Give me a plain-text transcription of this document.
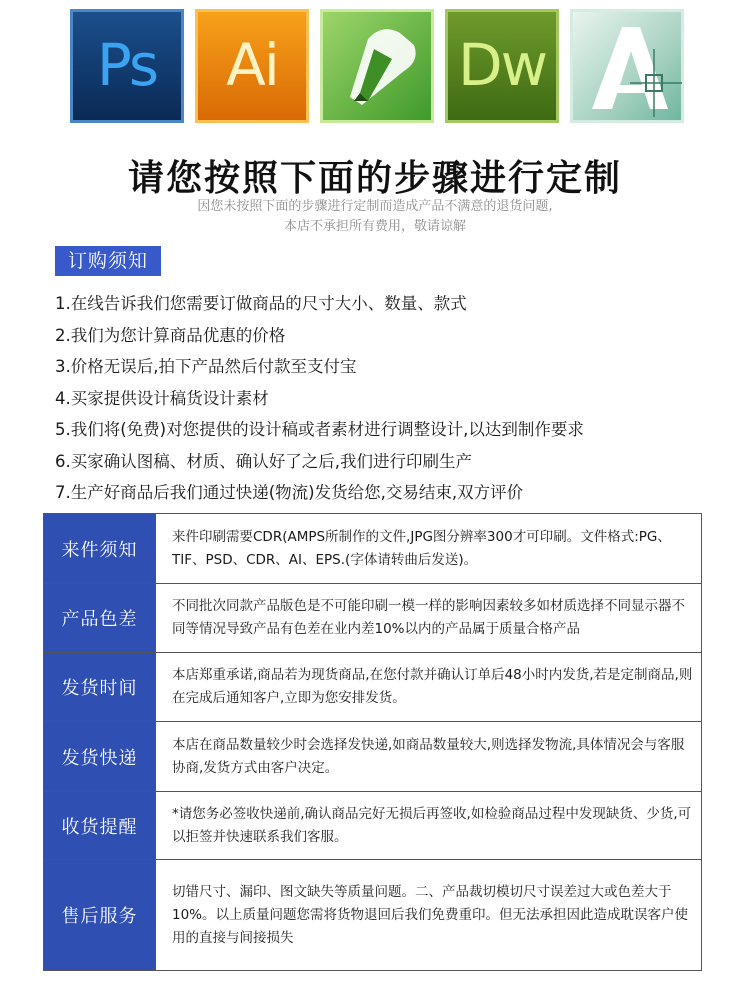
Ps	Ai	Dw
请您按照下面的步骤进行定制
因您未按照下面的步骤进行定制而造成产品不满意的退货问题,
本店不承担所有费用，敬请谅解
订购须知
1.在线告诉我们您需要订做商品的尺寸大小、数量、款式
2.我们为您计算商品优惠的价格
3.价格无误后,拍下产品然后付款至支付宝
4.买家提供设计稿货设计素材
5.我们将(免费)对您提供的设计稿或者素材进行调整设计,以达到制作要求
6.买家确认图稿、材质、确认好了之后,我们进行印刷生产
7.生产好商品后我们通过快递(物流)发货给您,交易结束,双方评价
来件须知
来件印刷需要CDR(AMPS所制作的文件,JPG图分辨率300才可印刷。文件格式:PG、TIF、PSD、CDR、AI、EPS.(字体请转曲后发送)。
产品色差
不同批次同款产品版色是不可能印刷一模一样的影响因素较多如材质选择不同显示器不同等情况导致产品有色差在业内差10%以内的产品属于质量合格产品
发货时间
本店郑重承诺,商品若为现货商品,在您付款并确认订单后48小时内发货,若是定制商品,则在完成后通知客户,立即为您安排发货。
发货快递
本店在商品数量较少时会选择发快递,如商品数量较大,则选择发物流,具体情况会与客服协商,发货方式由客户决定。
收货提醒
*请您务必签收快递前,确认商品完好无损后再签收,如检验商品过程中发现缺货、少货,可以拒签并快速联系我们客服。
售后服务
切错尺寸、漏印、图文缺失等质量问题。二、产品裁切模切尺寸误差过大或色差大于10%。以上质量问题您需将货物退回后我们免费重印。但无法承担因此造成耽误客户使用的直接与间接损失
